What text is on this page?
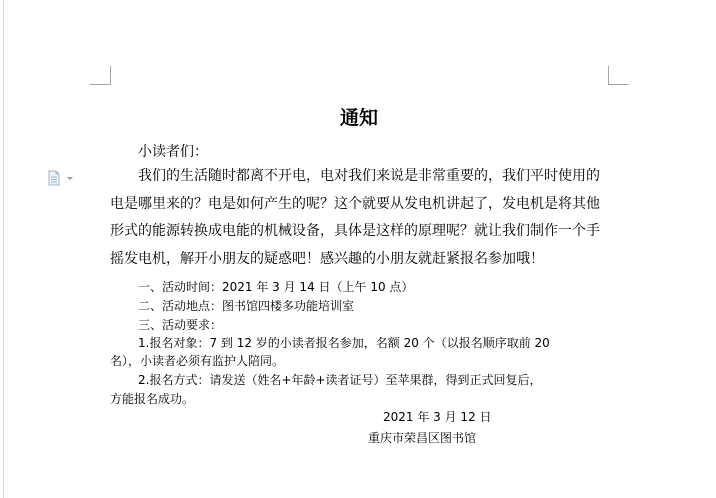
通知
小读者们：
我们的生活随时都离不开电，电对我们来说是非常重要的，我们平时使用的
电是哪里来的？电是如何产生的呢？这个就要从发电机讲起了，发电机是将其他
形式的能源转换成电能的机械设备，具体是这样的原理呢？就让我们制作一个手
摇发电机，解开小朋友的疑惑吧！感兴趣的小朋友就赶紧报名参加哦！
一、活动时间：2021 年 3 月 14 日（上午 10 点）
二、活动地点：图书馆四楼多功能培训室
三、活动要求：
1.报名对象：7 到 12 岁的小读者报名参加，名额 20 个（以报名顺序取前 20
名），小读者必须有监护人陪同。
2.报名方式：请发送（姓名+年龄+读者证号）至苹果群，得到正式回复后，
方能报名成功。
2021 年 3 月 12 日
重庆市荣昌区图书馆
